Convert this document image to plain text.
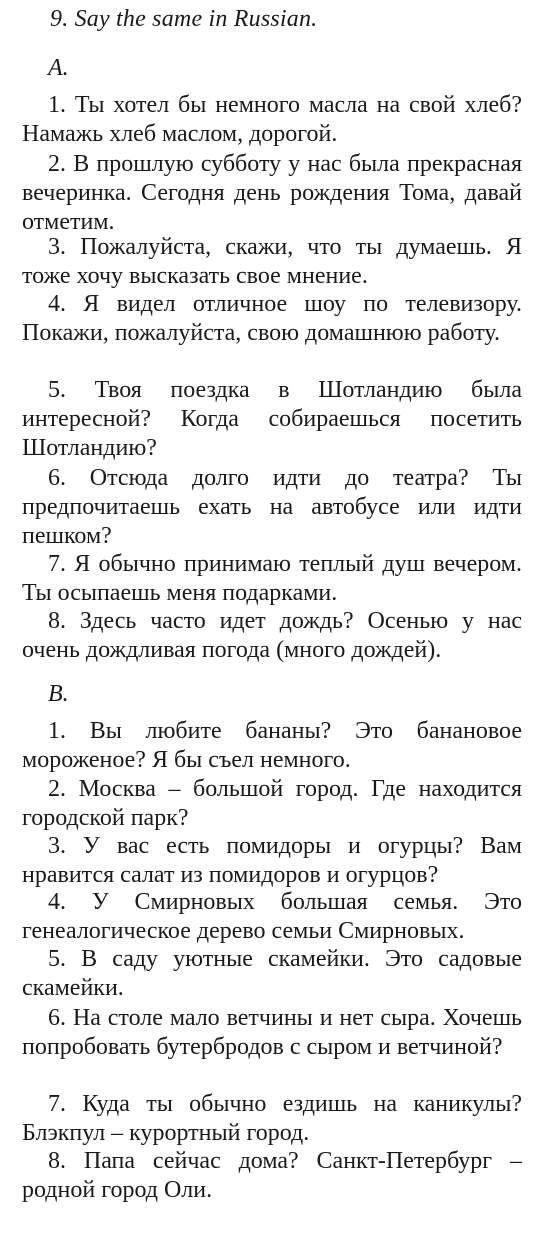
9. Say the same in Russian.
A.

1. Ты хотел бы немного масла на свой хлеб? Намажь хлеб маслом, дорогой.

2. В прошлую субботу у нас была прекрасная вечеринка. Сегодня день рождения Тома, давай отметим.

3. Пожалуйста, скажи, что ты думаешь. Я тоже хочу высказать свое мнение.

4. Я видел отличное шоу по телевизору. Покажи, пожалуйста, свою домашнюю работу.

5. Твоя поездка в Шотландию была интересной? Когда собираешься посетить Шотландию?

6. Отсюда долго идти до театра? Ты предпочитаешь ехать на автобусе или идти пешком?

7. Я обычно принимаю теплый душ вечером. Ты осыпаешь меня подарками.

8. Здесь часто идет дождь? Осенью у нас очень дождливая погода (много дождей).

B.

1. Вы любите бананы? Это банановое мороженое? Я бы съел немного.

2. Москва – большой город. Где находится городской парк?

3. У вас есть помидоры и огурцы? Вам нравится салат из помидоров и огурцов?

4. У Смирновых большая семья. Это генеалогическое дерево семьи Смирновых.

5. В саду уютные скамейки. Это садовые скамейки.

6. На столе мало ветчины и нет сыра. Хочешь попробовать бутербродов с сыром и ветчиной?

7. Куда ты обычно ездишь на каникулы? Блэкпул – курортный город.

8. Папа сейчас дома? Санкт-Петербург – родной город Оли.
